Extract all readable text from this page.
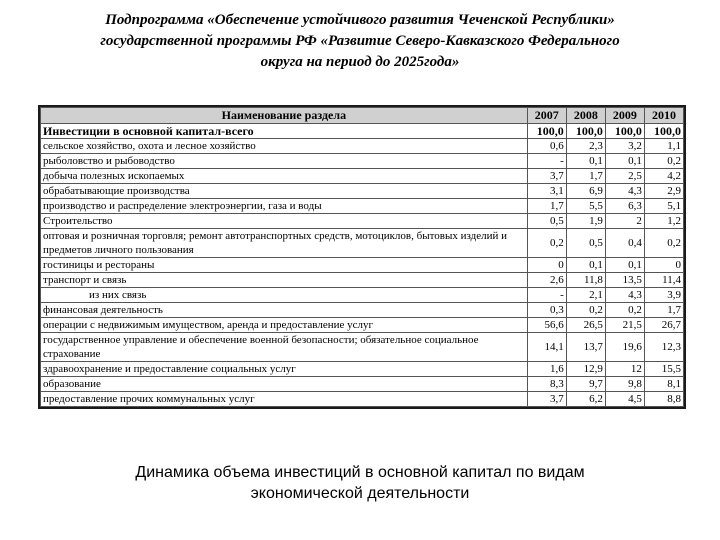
Подпрограмма «Обеспечение устойчивого развития Чеченской Республики»
государственной программы РФ «Развитие Северо-Кавказского Федерального
округа на период до 2025года»
Наименование раздела	2007	2008	2009	2010
Инвестиции в основной капитал-всего	100,0	100,0	100,0	100,0
сельское хозяйство, охота и лесное хозяйство	0,6	2,3	3,2	1,1
рыболовство и рыбоводство	-	0,1	0,1	0,2
добыча полезных ископаемых	3,7	1,7	2,5	4,2
обрабатывающие производства	3,1	6,9	4,3	2,9
производство и распределение электроэнергии, газа и воды	1,7	5,5	6,3	5,1
Строительство	0,5	1,9	2	1,2
оптовая и розничная торговля; ремонт автотранспортных средств, мотоциклов, бытовых изделий и предметов личного пользования	0,2	0,5	0,4	0,2
гостиницы и рестораны	0	0,1	0,1	0
транспорт и связь	2,6	11,8	13,5	11,4
из них связь	-	2,1	4,3	3,9
финансовая деятельность	0,3	0,2	0,2	1,7
операции с недвижимым имуществом, аренда и предоставление услуг	56,6	26,5	21,5	26,7
государственное управление и обеспечение военной безопасности; обязательное социальное страхование	14,1	13,7	19,6	12,3
здравоохранение и предоставление социальных услуг	1,6	12,9	12	15,5
образование	8,3	9,7	9,8	8,1
предоставление прочих коммунальных услуг	3,7	6,2	4,5	8,8
Динамика объема инвестиций в основной капитал по видам
экономической деятельности
